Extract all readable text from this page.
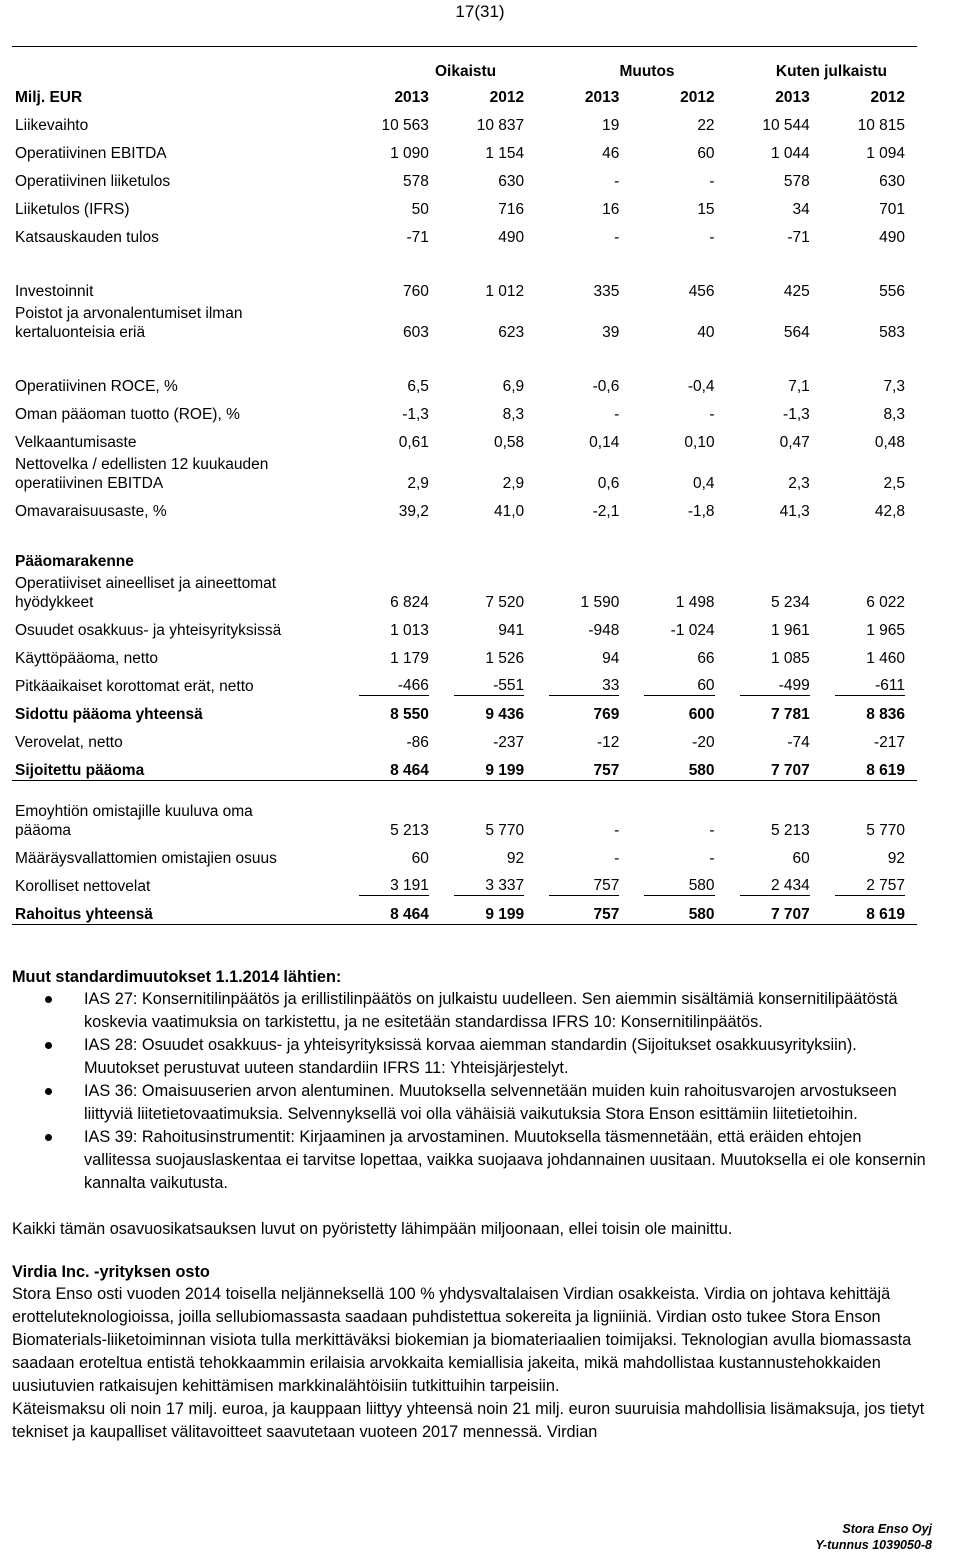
17(31)
	Oikaistu		Muutos		Kuten julkaistu	
Milj. EUR	2013	2012	2013	2012	2013	2012
Liikevaihto	10 563	10 837	19	22	10 544	10 815
Operatiivinen EBITDA	1 090	1 154	46	60	1 044	1 094
Operatiivinen liiketulos	578	630	-	-	578	630
Liiketulos (IFRS)	50	716	16	15	34	701
Katsauskauden tulos	-71	490	-	-	-71	490

Investoinnit	760	1 012	335	456	425	556
Poistot ja arvonalentumiset ilman kertaluonteisia eriä	603	623	39	40	564	583

Operatiivinen ROCE, %	6,5	6,9	-0,6	-0,4	7,1	7,3
Oman pääoman tuotto (ROE), %	-1,3	8,3	-	-	-1,3	8,3
Velkaantumisaste	0,61	0,58	0,14	0,10	0,47	0,48
Nettovelka / edellisten 12 kuukauden operatiivinen EBITDA	2,9	2,9	0,6	0,4	2,3	2,5
Omavaraisuusaste, %	39,2	41,0	-2,1	-1,8	41,3	42,8

Pääomarakenne						
Operatiiviset aineelliset ja aineettomat hyödykkeet	6 824	7 520	1 590	1 498	5 234	6 022
Osuudet osakkuus- ja yhteisyrityksissä	1 013	941	-948	-1 024	1 961	1 965
Käyttöpääoma, netto	1 179	1 526	94	66	1 085	1 460
Pitkäaikaiset korottomat erät, netto	-466	-551	33	60	-499	-611

Sidottu pääoma yhteensä	8 550	9 436	769	600	7 781	8 836
Verovelat, netto	-86	-237	-12	-20	-74	-217
Sijoitettu pääoma	8 464	9 199	757	580	7 707	8 619

Emoyhtiön omistajille kuuluva oma pääoma	5 213	5 770	-	-	5 213	5 770
Määräysvallattomien omistajien osuus	60	92	-	-	60	92
Korolliset nettovelat	3 191	3 337	757	580	2 434	2 757

Rahoitus yhteensä	8 464	9 199	757	580	7 707	8 619
Muut standardimuutokset 1.1.2014 lähtien:
IAS 27: Konsernitilinpäätös ja erillistilinpäätös on julkaistu uudelleen. Sen aiemmin sisältämiä konsernitilipäätöstä koskevia vaatimuksia on tarkistettu, ja ne esitetään standardissa IFRS 10: Konsernitilinpäätös.
IAS 28: Osuudet osakkuus- ja yhteisyrityksissä korvaa aiemman standardin (Sijoitukset osakkuusyrityksiin). Muutokset perustuvat uuteen standardiin IFRS 11: Yhteisjärjestelyt.
IAS 36: Omaisuuserien arvon alentuminen. Muutoksella selvennetään muiden kuin rahoitusvarojen arvostukseen liittyviä liitetietovaatimuksia. Selvennyksellä voi olla vähäisiä vaikutuksia Stora Enson esittämiin liitetietoihin.
IAS 39: Rahoitusinstrumentit: Kirjaaminen ja arvostaminen. Muutoksella täsmennetään, että eräiden ehtojen vallitessa suojauslaskentaa ei tarvitse lopettaa, vaikka suojaava johdannainen uusitaan. Muutoksella ei ole konsernin kannalta vaikutusta.

Kaikki tämän osavuosikatsauksen luvut on pyöristetty lähimpään miljoonaan, ellei toisin ole mainittu.

Virdia Inc. -yrityksen osto

Stora Enso osti vuoden 2014 toisella neljänneksellä 100 % yhdysvaltalaisen Virdian osakkeista. Virdia on johtava kehittäjä erotteluteknologioissa, joilla sellubiomassasta saadaan puhdistettua sokereita ja ligniiniä. Virdian osto tukee Stora Enson Biomaterials-liiketoiminnan visiota tulla merkittäväksi biokemian ja biomateriaalien toimijaksi. Teknologian avulla biomassasta saadaan eroteltua entistä tehokkaammin erilaisia arvokkaita kemiallisia jakeita, mikä mahdollistaa kustannustehokkaiden uusiutuvien ratkaisujen kehittämisen markkinalähtöisiin tutkittuihin tarpeisiin.

Käteismaksu oli noin 17 milj. euroa, ja kauppaan liittyy yhteensä noin 21 milj. euron suuruisia mahdollisia lisämaksuja, jos tietyt tekniset ja kaupalliset välitavoitteet saavutetaan vuoteen 2017 mennessä. Virdian

Stora Enso Oyj
Y-tunnus 1039050-8
